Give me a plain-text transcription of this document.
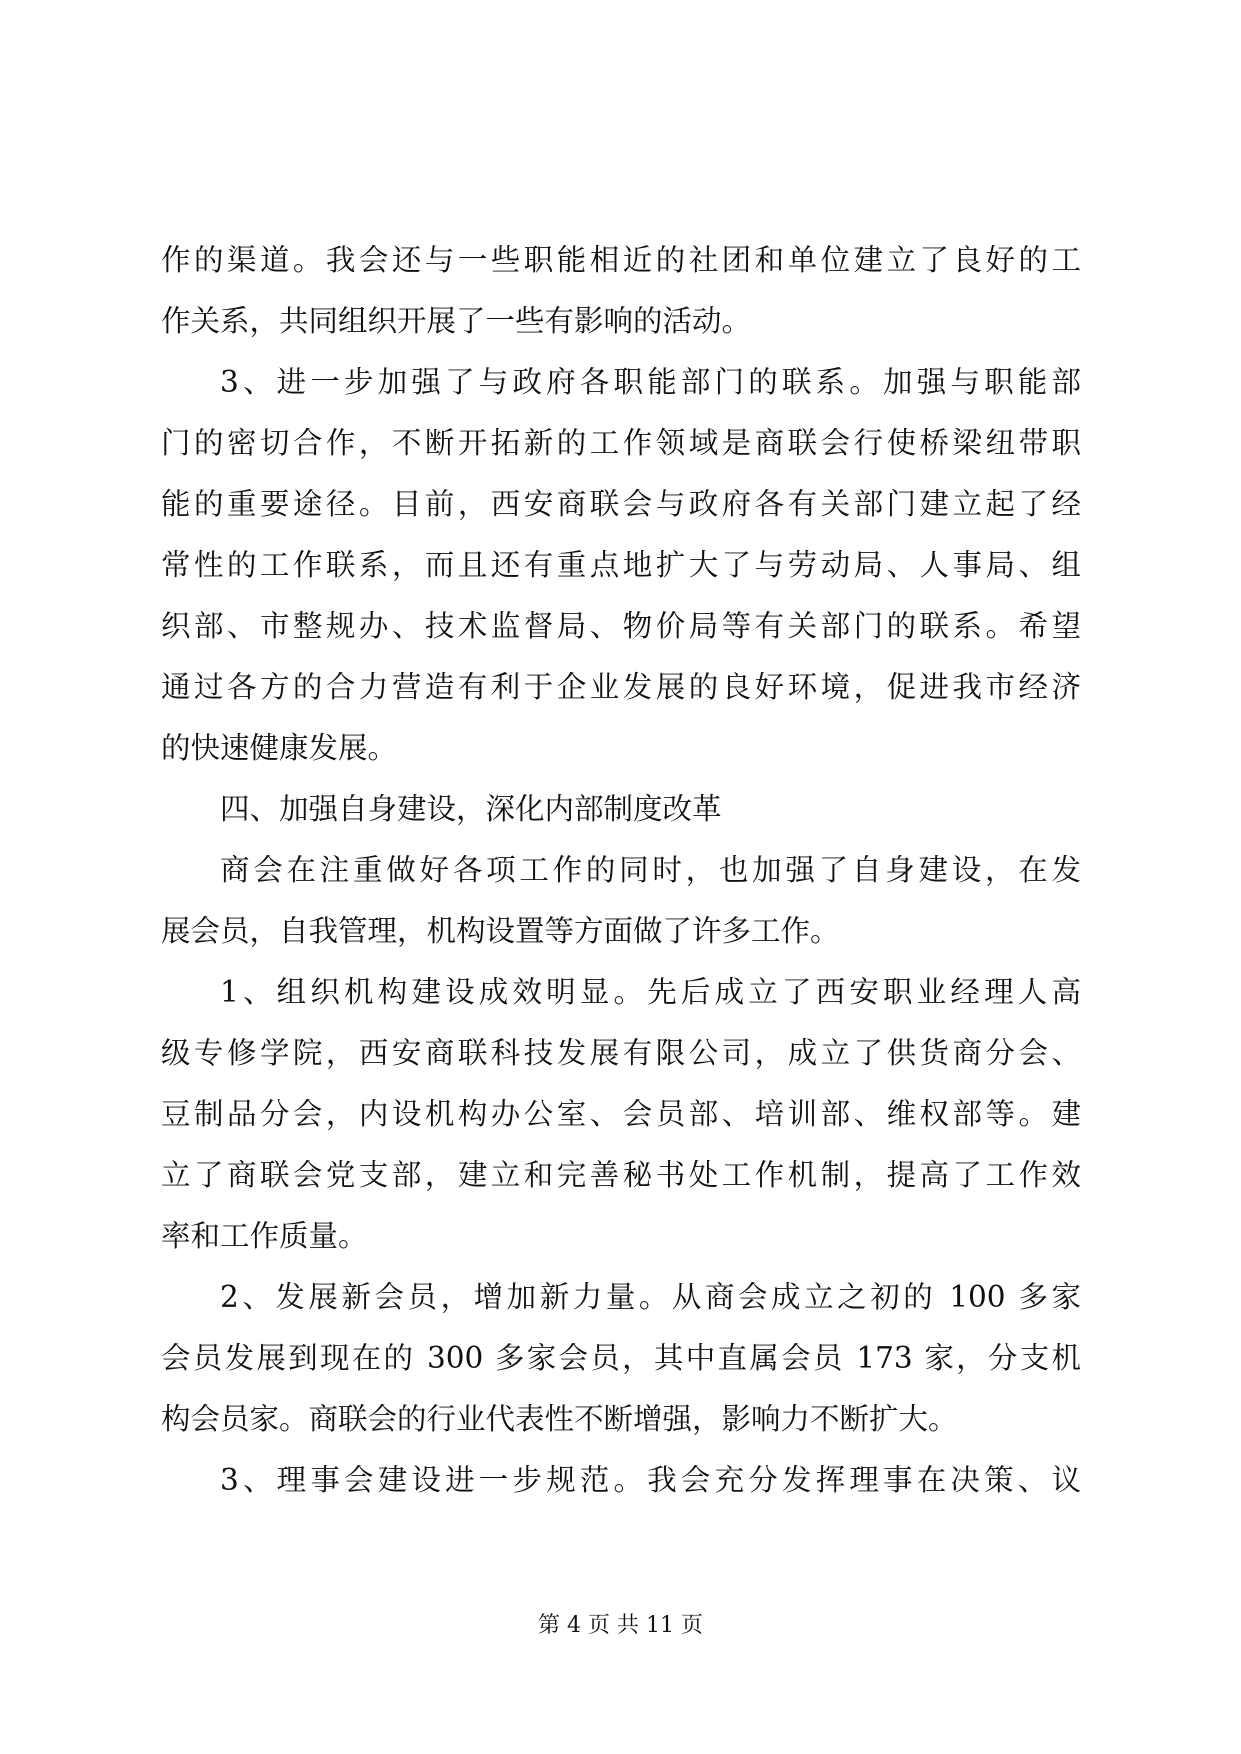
作的渠道。我会还与一些职能相近的社团和单位建立了良好的工
作关系，共同组织开展了一些有影响的活动。
3、进一步加强了与政府各职能部门的联系。加强与职能部
门的密切合作，不断开拓新的工作领域是商联会行使桥梁纽带职
能的重要途径。目前，西安商联会与政府各有关部门建立起了经
常性的工作联系，而且还有重点地扩大了与劳动局、人事局、组
织部、市整规办、技术监督局、物价局等有关部门的联系。希望
通过各方的合力营造有利于企业发展的良好环境，促进我市经济
的快速健康发展。
四、加强自身建设，深化内部制度改革
商会在注重做好各项工作的同时，也加强了自身建设，在发
展会员，自我管理，机构设置等方面做了许多工作。
1、组织机构建设成效明显。先后成立了西安职业经理人高
级专修学院，西安商联科技发展有限公司，成立了供货商分会、
豆制品分会，内设机构办公室、会员部、培训部、维权部等。建
立了商联会党支部，建立和完善秘书处工作机制，提高了工作效
率和工作质量。
2、发展新会员，增加新力量。从商会成立之初的 100 多家
会员发展到现在的 300 多家会员，其中直属会员 173 家，分支机
构会员家。商联会的行业代表性不断增强，影响力不断扩大。
3、理事会建设进一步规范。我会充分发挥理事在决策、议
第 4 页 共 11 页
